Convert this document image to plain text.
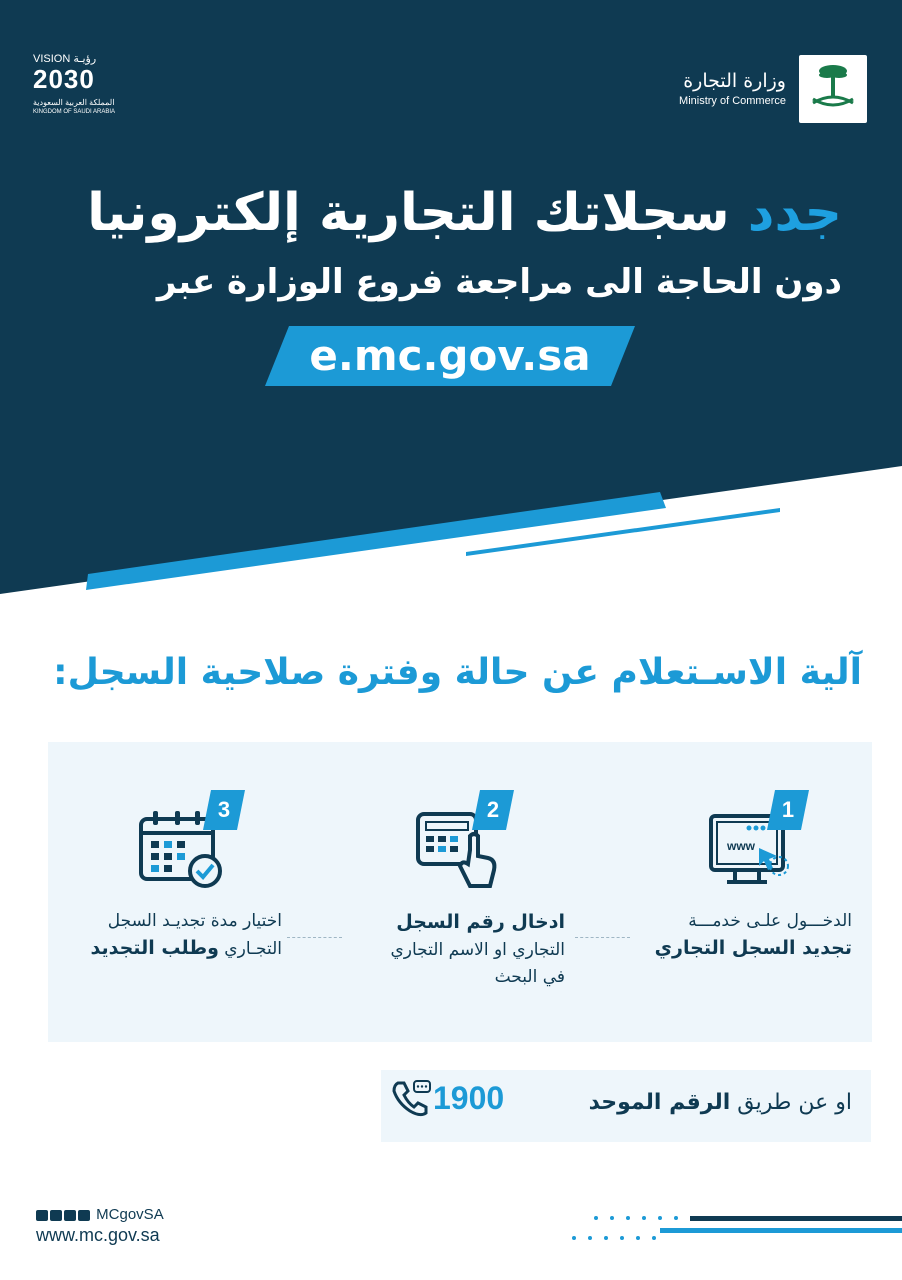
VISION رؤيـة
2030
المملكة العربية السعودية
KINGDOM OF SAUDI ARABIA
وزارة التجارة
Ministry of Commerce
جدد سجلاتك التجارية إلكترونيا
دون الحاجة الى مراجعة فروع الوزارة عبر
e.mc.gov.sa
آلية الاسـتعلام عن حالة وفترة صلاحية السجل:
www
1
الدخـــول علـى خدمـــة
تجديد السجل التجاري
2
ادخال رقم السجل
التجاري او الاسم التجاري
في البحث
3
اختيار مدة تجديـد السجل
التجـاري وطلب التجديد
او عن طريق الرقم الموحد
1900
MCgovSA
www.mc.gov.sa
